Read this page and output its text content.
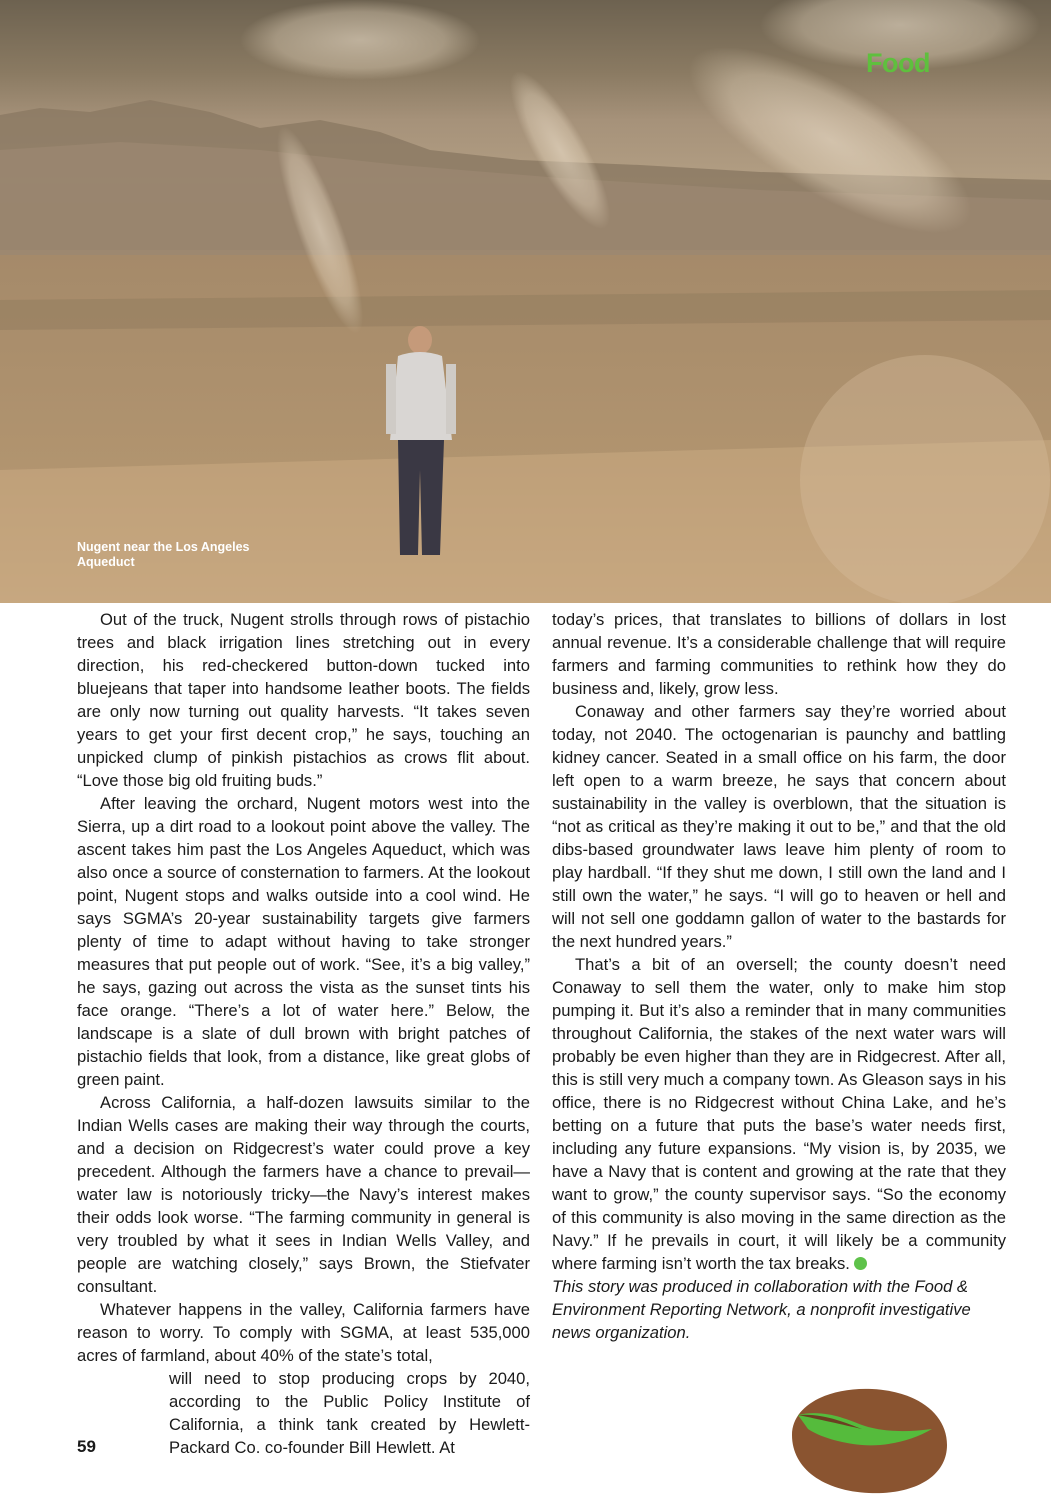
Food
Nugent near the Los Angeles Aqueduct

Out of the truck, Nugent strolls through rows of pistachio trees and black irrigation lines stretching out in every direction, his red-checkered button-down tucked into bluejeans that taper into handsome leather boots. The fields are only now turning out quality harvests. “It takes seven years to get your first decent crop,” he says, touching an unpicked clump of pinkish pistachios as crows flit about. “Love those big old fruiting buds.”

After leaving the orchard, Nugent motors west into the Sierra, up a dirt road to a lookout point above the valley. The ascent takes him past the Los Angeles Aqueduct, which was also once a source of consternation to farmers. At the lookout point, Nugent stops and walks outside into a cool wind. He says SGMA’s 20-year sustainability targets give farmers plenty of time to adapt without having to take stronger measures that put people out of work. “See, it’s a big valley,” he says, gazing out across the vista as the sunset tints his face orange. “There’s a lot of water here.” Below, the landscape is a slate of dull brown with bright patches of pistachio fields that look, from a distance, like great globs of green paint.

Across California, a half-dozen lawsuits similar to the Indian Wells cases are making their way through the courts, and a decision on Ridgecrest’s water could prove a key precedent. Although the farmers have a chance to prevail—water law is notoriously tricky—the Navy’s interest makes their odds look worse. “The farming community in general is very troubled by what it sees in Indian Wells Valley, and people are watching closely,” says Brown, the Stiefvater consultant.

Whatever happens in the valley, California farmers have reason to worry. To comply with SGMA, at least 535,000 acres of farmland, about 40% of the state’s total,

will need to stop producing crops by 2040, according to the Public Policy Institute of California, a think tank created by Hewlett-Packard Co. co-founder Bill Hewlett. At

today’s prices, that translates to billions of dollars in lost annual revenue. It’s a considerable challenge that will require farmers and farming communities to rethink how they do business and, likely, grow less.

Conaway and other farmers say they’re worried about today, not 2040. The octogenarian is paunchy and battling kidney cancer. Seated in a small office on his farm, the door left open to a warm breeze, he says that concern about sustainability in the valley is overblown, that the situation is “not as critical as they’re making it out to be,” and that the old dibs-based groundwater laws leave him plenty of room to play hardball. “If they shut me down, I still own the land and I still own the water,” he says. “I will go to heaven or hell and will not sell one goddamn gallon of water to the bastards for the next hundred years.”

That’s a bit of an oversell; the county doesn’t need Conaway to sell them the water, only to make him stop pumping it. But it’s also a reminder that in many communities throughout California, the stakes of the next water wars will probably be even higher than they are in Ridgecrest. After all, this is still very much a company town. As Gleason says in his office, there is no Ridgecrest without China Lake, and he’s betting on a future that puts the base’s water needs first, including any future expansions. “My vision is, by 2035, we have a Navy that is content and growing at the rate that they want to grow,” the county supervisor says. “So the economy of this community is also moving in the same direction as the Navy.” If he prevails in court, it will likely be a community where farming isn’t worth the tax breaks.

This story was produced in collaboration with the Food & Environment Reporting Network, a nonprofit investigative news organization.

59
